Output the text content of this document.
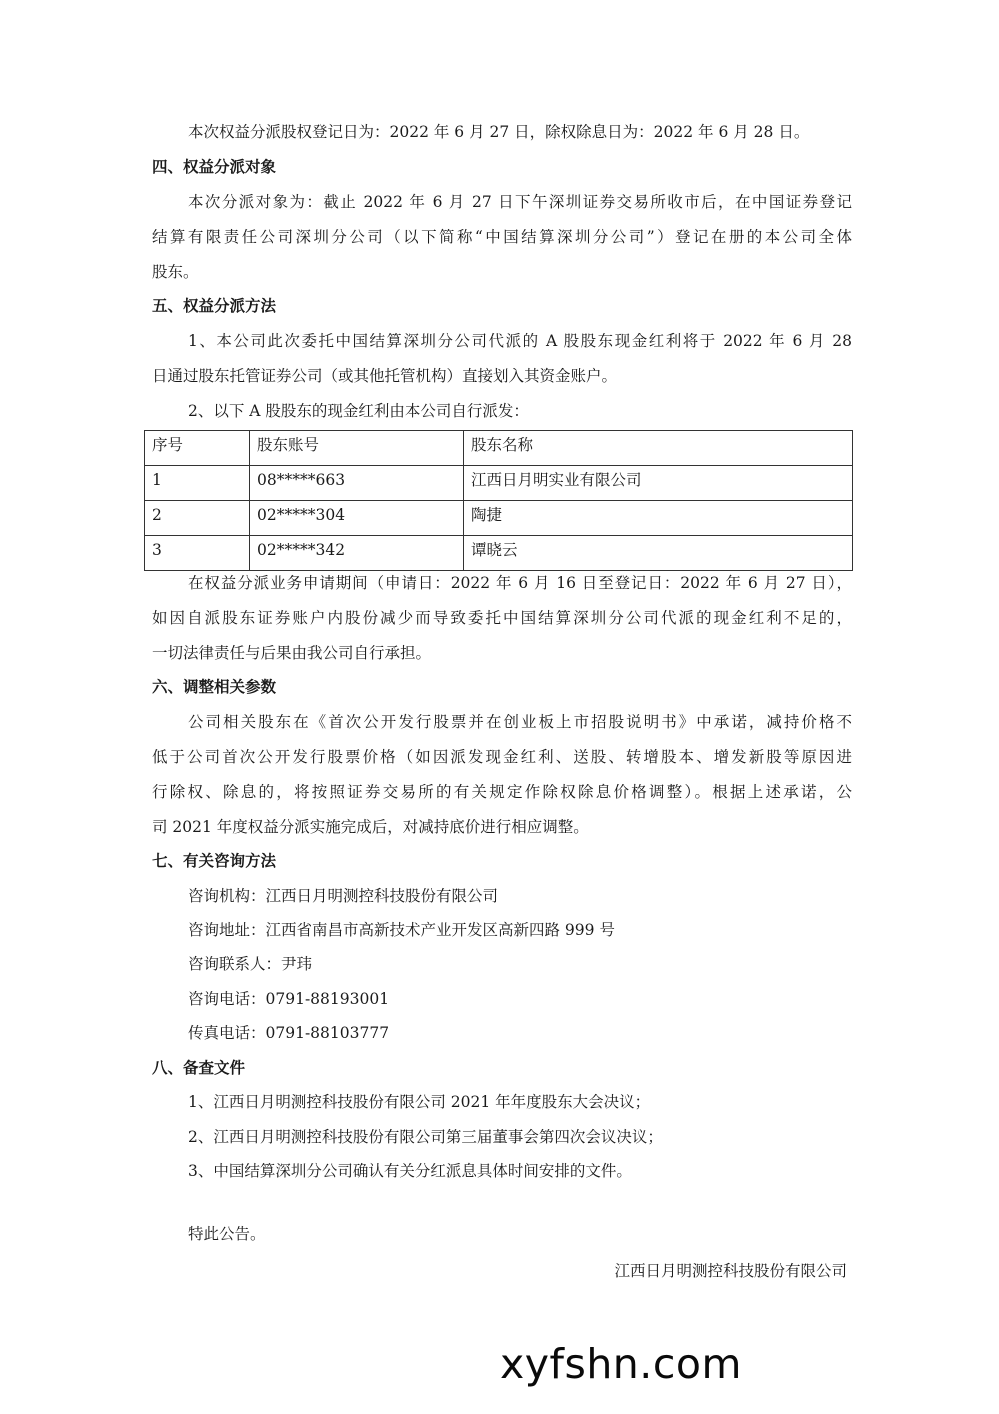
本次权益分派股权登记日为：2022 年 6 月 27 日，除权除息日为：2022 年 6 月 28 日。
四、权益分派对象
本次分派对象为：截止 2022 年 6 月 27 日下午深圳证券交易所收市后，在中国证券登记
结算有限责任公司深圳分公司（以下简称“中国结算深圳分公司”）登记在册的本公司全体
股东。
五、权益分派方法
1、本公司此次委托中国结算深圳分公司代派的 A 股股东现金红利将于 2022 年 6 月 28
日通过股东托管证券公司（或其他托管机构）直接划入其资金账户。
2、以下 A 股股东的现金红利由本公司自行派发：
序号	股东账号	股东名称
1	08*****663	江西日月明实业有限公司
2	02*****304	陶捷
3	02*****342	谭晓云
在权益分派业务申请期间（申请日：2022 年 6 月 16 日至登记日：2022 年 6 月 27 日），
如因自派股东证券账户内股份减少而导致委托中国结算深圳分公司代派的现金红利不足的，
一切法律责任与后果由我公司自行承担。
六、调整相关参数
公司相关股东在《首次公开发行股票并在创业板上市招股说明书》中承诺，减持价格不
低于公司首次公开发行股票价格（如因派发现金红利、送股、转增股本、增发新股等原因进
行除权、除息的，将按照证券交易所的有关规定作除权除息价格调整）。根据上述承诺，公
司 2021 年度权益分派实施完成后，对减持底价进行相应调整。
七、有关咨询方法
咨询机构：江西日月明测控科技股份有限公司
咨询地址：江西省南昌市高新技术产业开发区高新四路 999 号
咨询联系人：尹玮
咨询电话：0791-88193001
传真电话：0791-88103777
八、备查文件
1、江西日月明测控科技股份有限公司 2021 年年度股东大会决议；
2、江西日月明测控科技股份有限公司第三届董事会第四次会议决议；
3、中国结算深圳分公司确认有关分红派息具体时间安排的文件。
特此公告。
江西日月明测控科技股份有限公司
xyfshn.com
